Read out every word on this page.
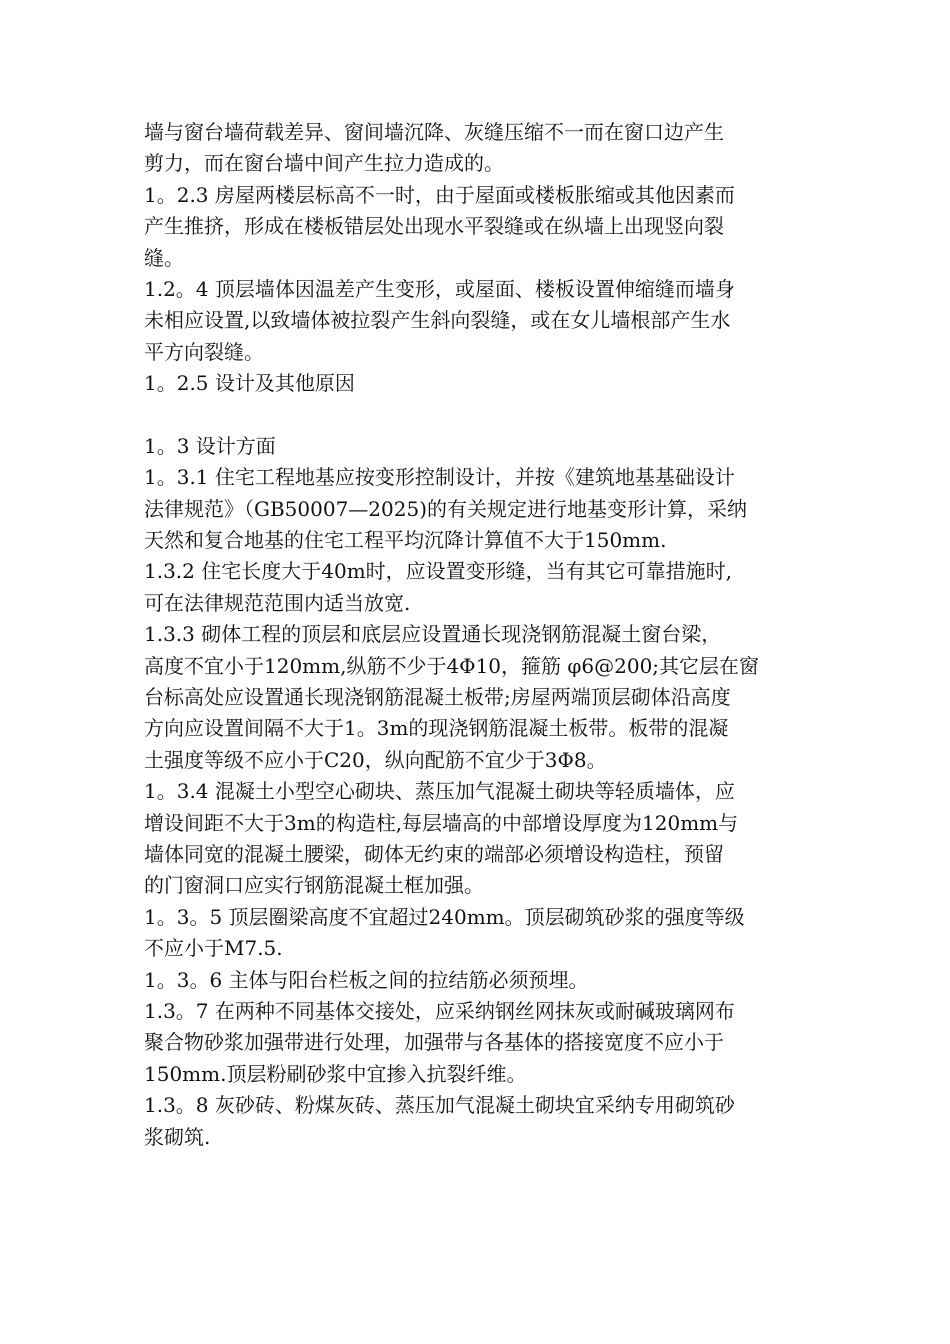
墙与窗台墙荷载差异、窗间墙沉降、灰缝压缩不一而在窗口边产生
剪力，而在窗台墙中间产生拉力造成的。
1。2.3 房屋两楼层标高不一时，由于屋面或楼板胀缩或其他因素而
产生推挤，形成在楼板错层处出现水平裂缝或在纵墙上出现竖向裂
缝。
1.2。4 顶层墙体因温差产生变形，或屋面、楼板设置伸缩缝而墙身
未相应设置,以致墙体被拉裂产生斜向裂缝，或在女儿墙根部产生水
平方向裂缝。
1。2.5 设计及其他原因
1。3 设计方面
1。3.1 住宅工程地基应按变形控制设计，并按《建筑地基基础设计
法律规范》（GB50007—2025)的有关规定进行地基变形计算，采纳
天然和复合地基的住宅工程平均沉降计算值不大于150mm.
1.3.2 住宅长度大于40m时，应设置变形缝，当有其它可靠措施时,
可在法律规范范围内适当放宽.
1.3.3 砌体工程的顶层和底层应设置通长现浇钢筋混凝土窗台梁，
高度不宜小于120mm,纵筋不少于4Φ10，箍筋 φ6@200;其它层在窗
台标高处应设置通长现浇钢筋混凝土板带;房屋两端顶层砌体沿高度
方向应设置间隔不大于1。3m的现浇钢筋混凝土板带。板带的混凝
土强度等级不应小于C20，纵向配筋不宜少于3Φ8。
1。3.4 混凝土小型空心砌块、蒸压加气混凝土砌块等轻质墙体，应
增设间距不大于3m的构造柱,每层墙高的中部增设厚度为120mm与
墙体同宽的混凝土腰梁，砌体无约束的端部必须增设构造柱，预留
的门窗洞口应实行钢筋混凝土框加强。
1。3。5 顶层圈梁高度不宜超过240mm。顶层砌筑砂浆的强度等级
不应小于M7.5.
1。3。6 主体与阳台栏板之间的拉结筋必须预埋。
1.3。7 在两种不同基体交接处，应采纳钢丝网抹灰或耐碱玻璃网布
聚合物砂浆加强带进行处理，加强带与各基体的搭接宽度不应小于
150mm.顶层粉刷砂浆中宜掺入抗裂纤维。
1.3。8 灰砂砖、粉煤灰砖、蒸压加气混凝土砌块宜采纳专用砌筑砂
浆砌筑.
